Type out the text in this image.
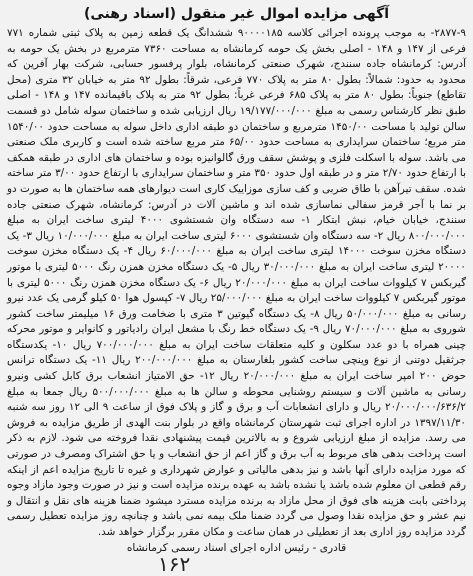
آگهی مزایده اموال غیر منقول (اسناد رهنی)

۲۸۷۷-۹- به موجب پرونده اجرائی کلاسه ۹۰۰۰۰۱۸۵ ششدانگ یک قطعه زمین به پلاک ثبتی شماره ۷۷۱ فرعی از ۱۴۷ و ۱۴۸ - اصلی بخش یک حومه کرمانشاه به مساحت ۷۳۶۰ مترمربع در بخش یک حومه به آدرس: کرمانشاه جاده سنندج، شهرک صنعتی کرمانشاه، بلوار پرفسور حسابی، شرکت بهار آفرین که محدود به حدود: شمالاً: بطول ۸۰ متر به پلاک ۷۷۰ فرعی، شرقاً: بطول ۹۲ متر به خیابان ۳۲ متری (محل تقاطع) جنوباً: بطول ۸۰ متر به پلاک ۶۸۵ فرعی غرباً: بطول ۹۲ متر به پلاک باقیمانده ۱۴۷ و ۱۴۸ - اصلی طبق نظر کارشناس رسمی به مبلغ ۱۹/۱۷۷/۰۰۰/۰۰۰ ریال ارزیابی شده و ساختمان سوله شامل دو قسمت سالن تولید با مساحت ۱۴۵۰/۰۰ مترمربع و ساختمان دو طبقه اداری داخل سوله به مساحت حدود ۱۵۴۰/۰۰ متر مربع؛ ساختمان سرایداری به مساحت حدود ۶۵/۰۰ متر مربع ساخته شده است و کاربری ملک صنعتی می باشد. سوله با اسکلت فلزی و پوشش سقف ورق گالوانیزه بوده و ساختمان های اداری در طبقه همکف با ارتفاع حدود ۲/۷۰ متر و در طبقه اول حدود ۳۵۰ متر و ساختمان سرایداری با ارتفاع حدود ۳/۰۰ متر ساخته شده. سقف تیرآهن با طاق ضربی و کف سازی موزاییک کاری است دیوارهای همه ساختمان ها به صورت دو بر نما با آجر قرمز سفالی نماسازی شده اند و ماشین آلات در آدرس: کرمانشاه، شهرک صنعتی جاده سنندج، خیابان خیام، نبش ابتکار ۱- سه دستگاه وان شستشوی ۴۰۰۰ لیتری ساخت ایران به مبلغ ۸۰۰/۰۰۰/۰۰۰ ریال ۲- سه دستگاه وان شستشوی ۶۰۰۰ لیتری ساخت ایران به مبلغ ۱۰/۰۰۰/۰۰۰ ریال ۳- یک دستگاه مخزن سوخت ۱۴۰۰۰ لیتری ساخت ایران به مبلغ ۶۰/۰۰۰/۰۰۰ ریال ۴- یک دستگاه مخزن سوخت ۲۰۰۰۰ لیتری ساخت ایران به مبلغ ۳۰/۰۰۰/۰۰۰ ریال ۵- یک دستگاه مخزن همزن رنگ ۵۰۰۰ لیتری با موتور گیربکس ۷ کیلووات ساخت ایران به مبلغ ۲۰/۰۰۰/۰۰۰ ریال ۶- یک دستگاه مخزن همزن رنگ ۵۰۰۰ لیتری با موتور گیربکس ۷ کیلووات ساخت ایران به مبلغ ۲۵/۰۰۰/۰۰۰ ریال ۷- کپسول هوا ۵۰ کیلو گرمی یک عدد نیرو رسانی به مبلغ ۵۰/۰۰۰/۰۰۰ ریال ۸- یک دستگاه گیوتین ۳ متری با ضخامت ورق ۱۶ میلیمتر ساخت کشور شوروی به مبلغ ۷۰/۰۰۰/۰۰۰ ریال ۹- یک دستگاه خط رنگ با مشعل ایران رادیاتور و کانوایر و موتور محرکه چینی همراه با دو عدد سکلون و کلیه متعلقات ساخت ایران به مبلغ ۷۰۰/۰۰۰/۰۰۰ ریال ۱۰- یکدستگاه جرثقیل دوتنی از نوع وینچی ساخت کشور بلغارستان به مبلغ ۲۰۰/۰۰۰/۰۰۰ ریال ۱۱- یک دستگاه ترانس حوض ۲۰۰ امپر ساخت ایران به مبلغ ۲۰/۰۰۰/۰۰۰ ریال ۱۲- حق الامتیاز انشعاب برق کابل کشی ونیرو رسانی به ماشین آلات و سیستم روشنایی محوطه و سالن ها به مبلغ ۵۰۰/۰۰۰/۰۰۰ ریال جمعا به مبلغ ۲۰/۰۰۰/۰۰۰/۶۳۶/۲ ریال و دارای انشعابات آب و برق و گاز و پلاک فوق از ساعت ۹ الی ۱۲ روز سه شنبه ۱۳۹۷/۱۱/۳۰ در اداره اجرای ثبت شهرستان کرمانشاه واقع در بلوار بنت الهدی از طریق مزایده به فروش می رسد. مزایده از مبلغ ارزیابی شروع و به بالاترین قیمت پیشنهادی نقدا فروخته می شود. لازم به ذکر است پرداخت بدهی های مربوط به آب برق و گاز اعم از حق انشعاب و یا حق اشتراک ومصرف در صورتی که مورد مزایده دارای آنها باشد و نیز بدهی مالیاتی و عوارض شهرداری و غیره تا تاریخ مزایده اعم از اینکه رقم قطعی ان معلوم شده باشد یا نشده باشد به عهده برنده مزایده است و نیز در صورت وجود مازاد وجوه پرداختی بابت هزینه های فوق از محل مازاد به برنده مزایده مسترد میشود ضمنا هزینه های نقل و انتقال و نیم عشر و حق مزایده نقدا وصول می گردد ضمنا ملک بیمه نمی باشد و چنانچه روز مزایده تعطیل رسمی گردد مزایده روز اداری بعد از تعطیلی در همان ساعت و مکان مقرر برگزار خواهد شد.

قادری - رئیس اداره اجرای اسناد رسمی کرمانشاه
۱۶۲
